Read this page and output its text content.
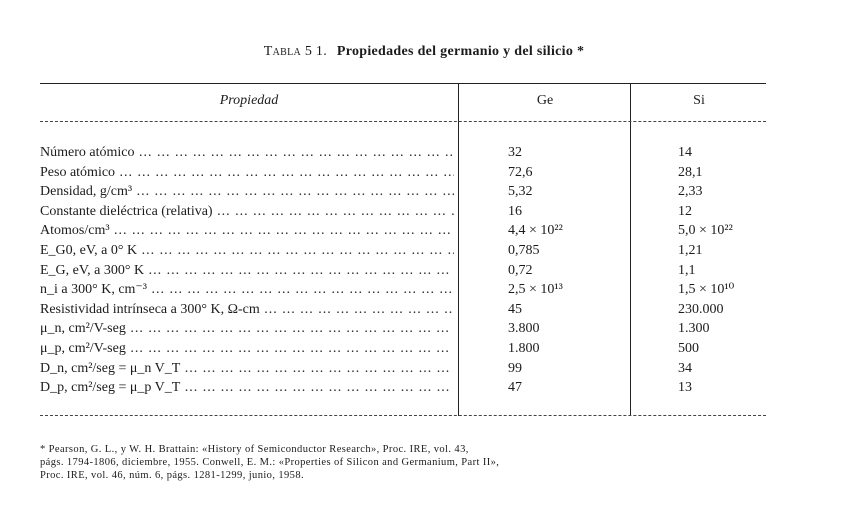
Tabla 5 1. Propiedades del germanio y del silicio *
Propiedad	Ge	Si
Número atómico ... .	32	14
Peso atómico ... .	72,6	28,1
Densidad, g/cm³ ... .	5,32	2,33
Constante dieléctrica (relativa) ... .	16	12
Atomos/cm³ ... .	4,4 × 10²²	5,0 × 10²²
E_G0, eV, a 0° K ... .	0,785	1,21
E_G, eV, a 300° K ... .	0,72	1,1
n_i a 300° K, cm⁻³ ... .	2,5 × 10¹³	1,5 × 10¹⁰
Resistividad intrínseca a 300° K, Ω-cm ... .	45	230.000
μ_n, cm²/V-seg ... .	3.800	1.300
μ_p, cm²/V-seg ... .	1.800	500
D_n, cm²/seg = μ_n V_T ... .	99	34
D_p, cm²/seg = μ_p V_T ... .	47	13
* Pearson, G. L., y W. H. Brattain: «History of Semiconductor Research», Proc. IRE, vol. 43,
págs. 1794-1806, diciembre, 1955. Conwell, E. M.: «Properties of Silicon and Germanium, Part II»,
Proc. IRE, vol. 46, núm. 6, págs. 1281-1299, junio, 1958.
